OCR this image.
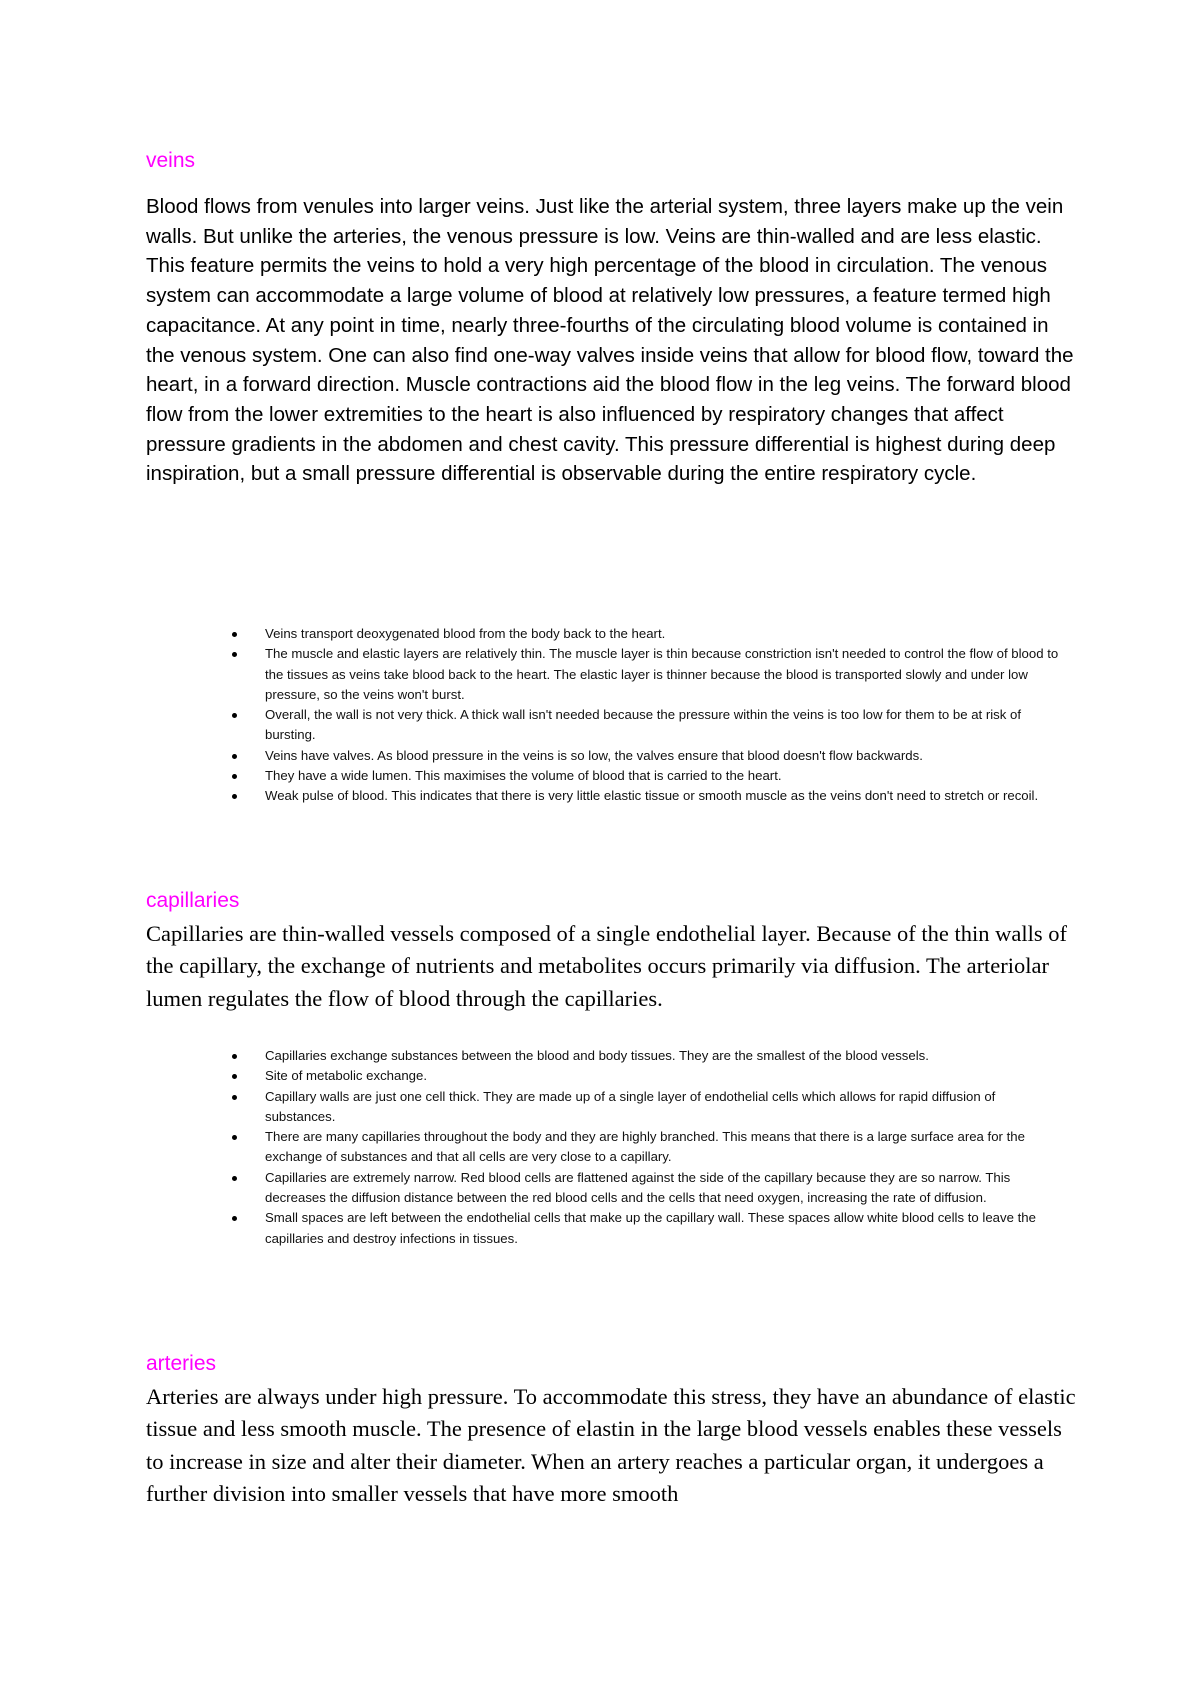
veins

Blood flows from venules into larger veins. Just like the arterial system, three layers make up the vein walls. But unlike the arteries, the venous pressure is low. Veins are thin-walled and are less elastic. This feature permits the veins to hold a very high percentage of the blood in circulation. The venous system can accommodate a large volume of blood at relatively low pressures, a feature termed high capacitance. At any point in time, nearly three-fourths of the circulating blood volume is contained in the venous system. One can also find one-way valves inside veins that allow for blood flow, toward the heart, in a forward direction. Muscle contractions aid the blood flow in the leg veins. The forward blood flow from the lower extremities to the heart is also influenced by respiratory changes that affect pressure gradients in the abdomen and chest cavity. This pressure differential is highest during deep inspiration, but a small pressure differential is observable during the entire respiratory cycle.

Veins transport deoxygenated blood from the body back to the heart.
The muscle and elastic layers are relatively thin. The muscle layer is thin because constriction isn't needed to control the flow of blood to the tissues as veins take blood back to the heart. The elastic layer is thinner because the blood is transported slowly and under low pressure, so the veins won't burst.
Overall, the wall is not very thick. A thick wall isn't needed because the pressure within the veins is too low for them to be at risk of bursting.
Veins have valves. As blood pressure in the veins is so low, the valves ensure that blood doesn't flow backwards.
They have a wide lumen. This maximises the volume of blood that is carried to the heart.
Weak pulse of blood. This indicates that there is very little elastic tissue or smooth muscle as the veins don't need to stretch or recoil.
capillaries

Capillaries are thin-walled vessels composed of a single endothelial layer. Because of the thin walls of the capillary, the exchange of nutrients and metabolites occurs primarily via diffusion. The arteriolar lumen regulates the flow of blood through the capillaries.

Capillaries exchange substances between the blood and body tissues. They are the smallest of the blood vessels.
Site of metabolic exchange.
Capillary walls are just one cell thick. They are made up of a single layer of endothelial cells which allows for rapid diffusion of substances.
There are many capillaries throughout the body and they are highly branched. This means that there is a large surface area for the exchange of substances and that all cells are very close to a capillary.
Capillaries are extremely narrow. Red blood cells are flattened against the side of the capillary because they are so narrow. This decreases the diffusion distance between the red blood cells and the cells that need oxygen, increasing the rate of diffusion.
Small spaces are left between the endothelial cells that make up the capillary wall. These spaces allow white blood cells to leave the capillaries and destroy infections in tissues.
arteries

Arteries are always under high pressure. To accommodate this stress, they have an abundance of elastic tissue and less smooth muscle. The presence of elastin in the large blood vessels enables these vessels to increase in size and alter their diameter. When an artery reaches a particular organ, it undergoes a further division into smaller vessels that have more smooth
